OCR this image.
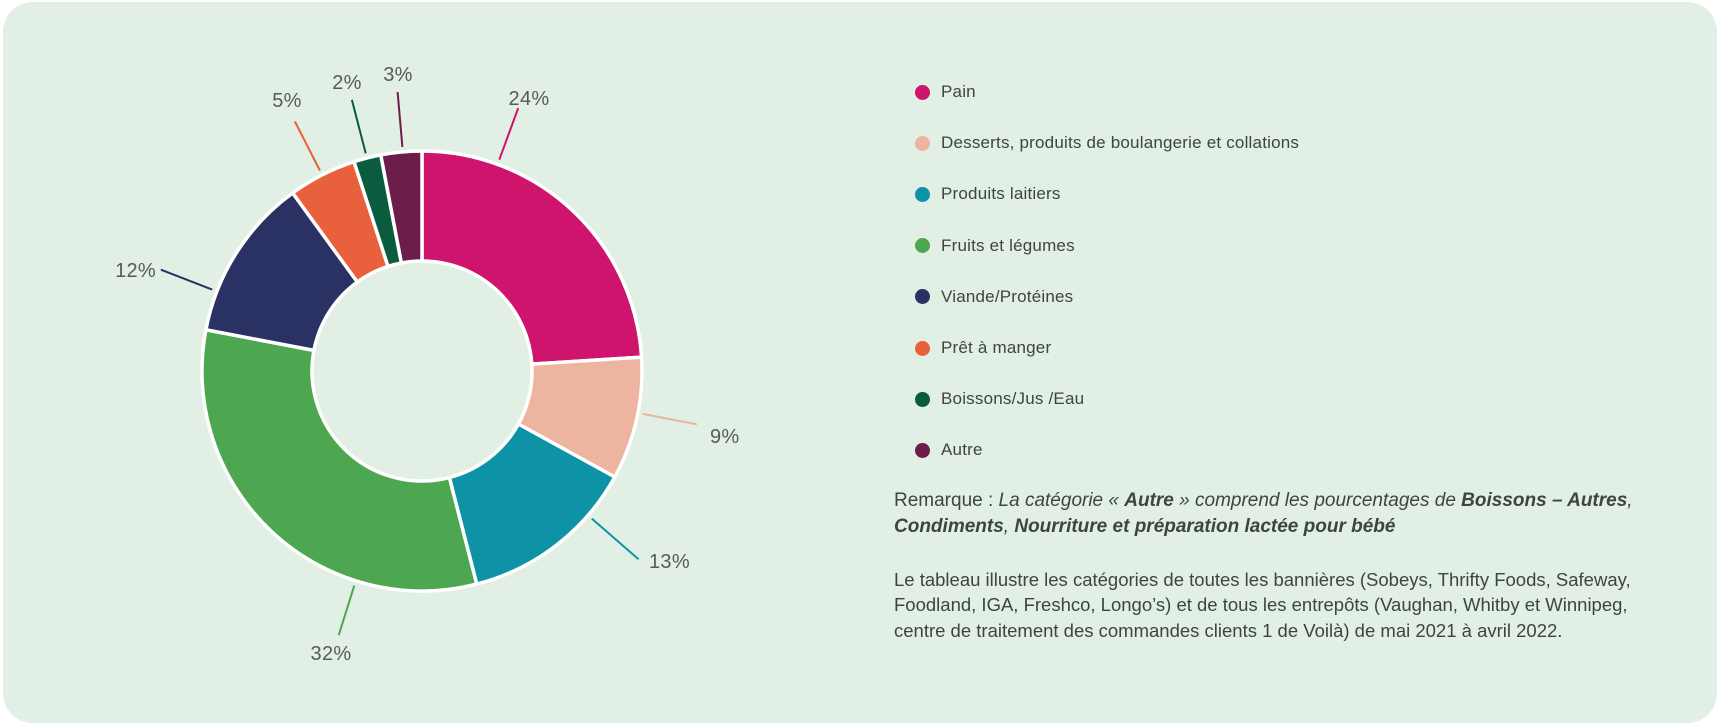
24%
9%
13%
32%
12%
5%
2% 3%
Pain
Desserts, produits de boulangerie et collations
Produits laitiers
Fruits et légumes
Viande/Protéines
Prêt à manger
Boissons/Jus /Eau
Autre
Remarque : La catégorie « Autre » comprend les pourcentages de Boissons – Autres,
Condiments, Nourriture et préparation lactée pour bébé
Le tableau illustre les catégories de toutes les bannières (Sobeys, Thrifty Foods, Safeway,
Foodland, IGA, Freshco, Longo’s) et de tous les entrepôts (Vaughan, Whitby et Winnipeg,
centre de traitement des commandes clients 1 de Voilà) de mai 2021 à avril 2022.
